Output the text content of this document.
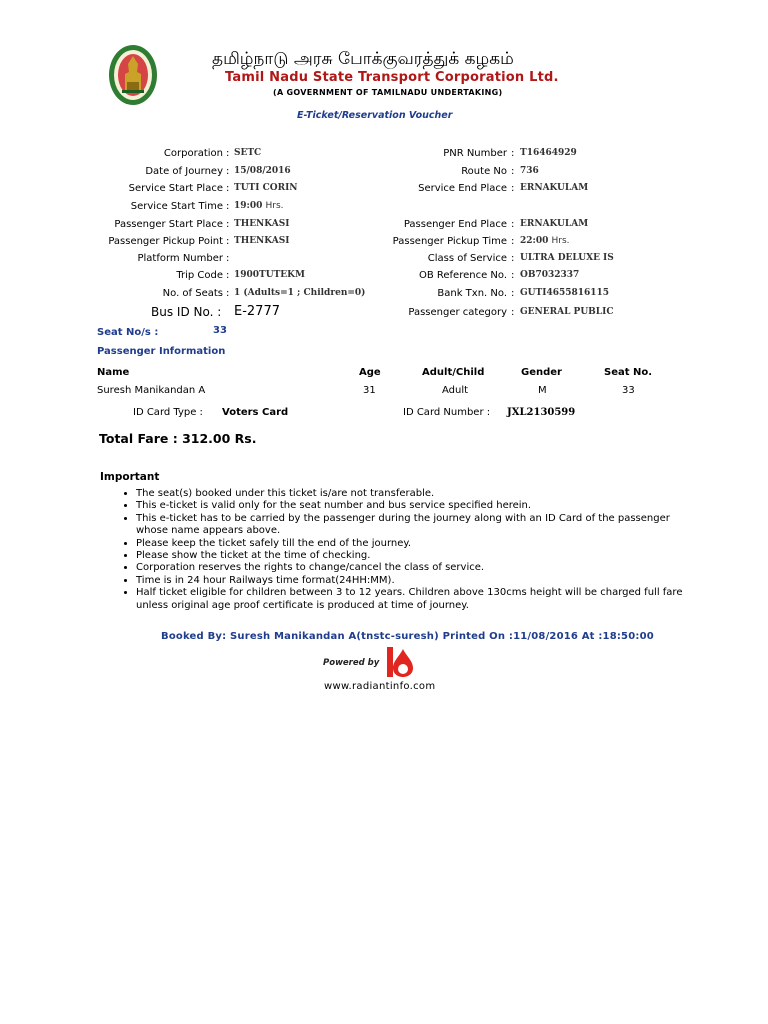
தமிழ்நாடு அரசு போக்குவரத்துக் கழகம்
Tamil Nadu State Transport Corporation Ltd.
(A GOVERNMENT OF TAMILNADU UNDERTAKING)
E-Ticket/Reservation Voucher
Corporation : SETC
Date of Journey : 15/08/2016
Service Start Place : TUTI CORIN
Service Start Time : 19:00 Hrs.
Passenger Start Place : THENKASI
Passenger Pickup Point : THENKASI
Platform Number :
Trip Code : 1900TUTEKM
No. of Seats : 1 (Adults=1 ; Children=0)
Bus ID No. : E-2777
PNR Number : T16464929
Route No : 736
Service End Place : ERNAKULAM
Passenger End Place : ERNAKULAM
Passenger Pickup Time : 22:00 Hrs.
Class of Service : ULTRA DELUXE IS
OB Reference No. : OB7032337
Bank Txn. No. : GUTI4655816115
Passenger category : GENERAL PUBLIC
Seat No/s :	33
Passenger Information
Name	Age	Adult/Child	Gender	Seat No.
Suresh Manikandan A	31	Adult	M	33
ID Card Type : Voters Card	ID Card Number : JXL2130599
Total Fare : 312.00 Rs.
Important
• The seat(s) booked under this ticket is/are not transferable.
• This e-ticket is valid only for the seat number and bus service specified herein.
• This e-ticket has to be carried by the passenger during the journey along with an ID Card of the passenger whose name appears above.
• Please keep the ticket safely till the end of the journey.
• Please show the ticket at the time of checking.
• Corporation reserves the rights to change/cancel the class of service.
• Time is in 24 hour Railways time format(24HH:MM).
• Half ticket eligible for children between 3 to 12 years. Children above 130cms height will be charged full fare unless original age proof certificate is produced at time of journey.
Booked By: Suresh Manikandan A(tnstc-suresh) Printed On :11/08/2016 At :18:50:00
Powered by
www.radiantinfo.com
